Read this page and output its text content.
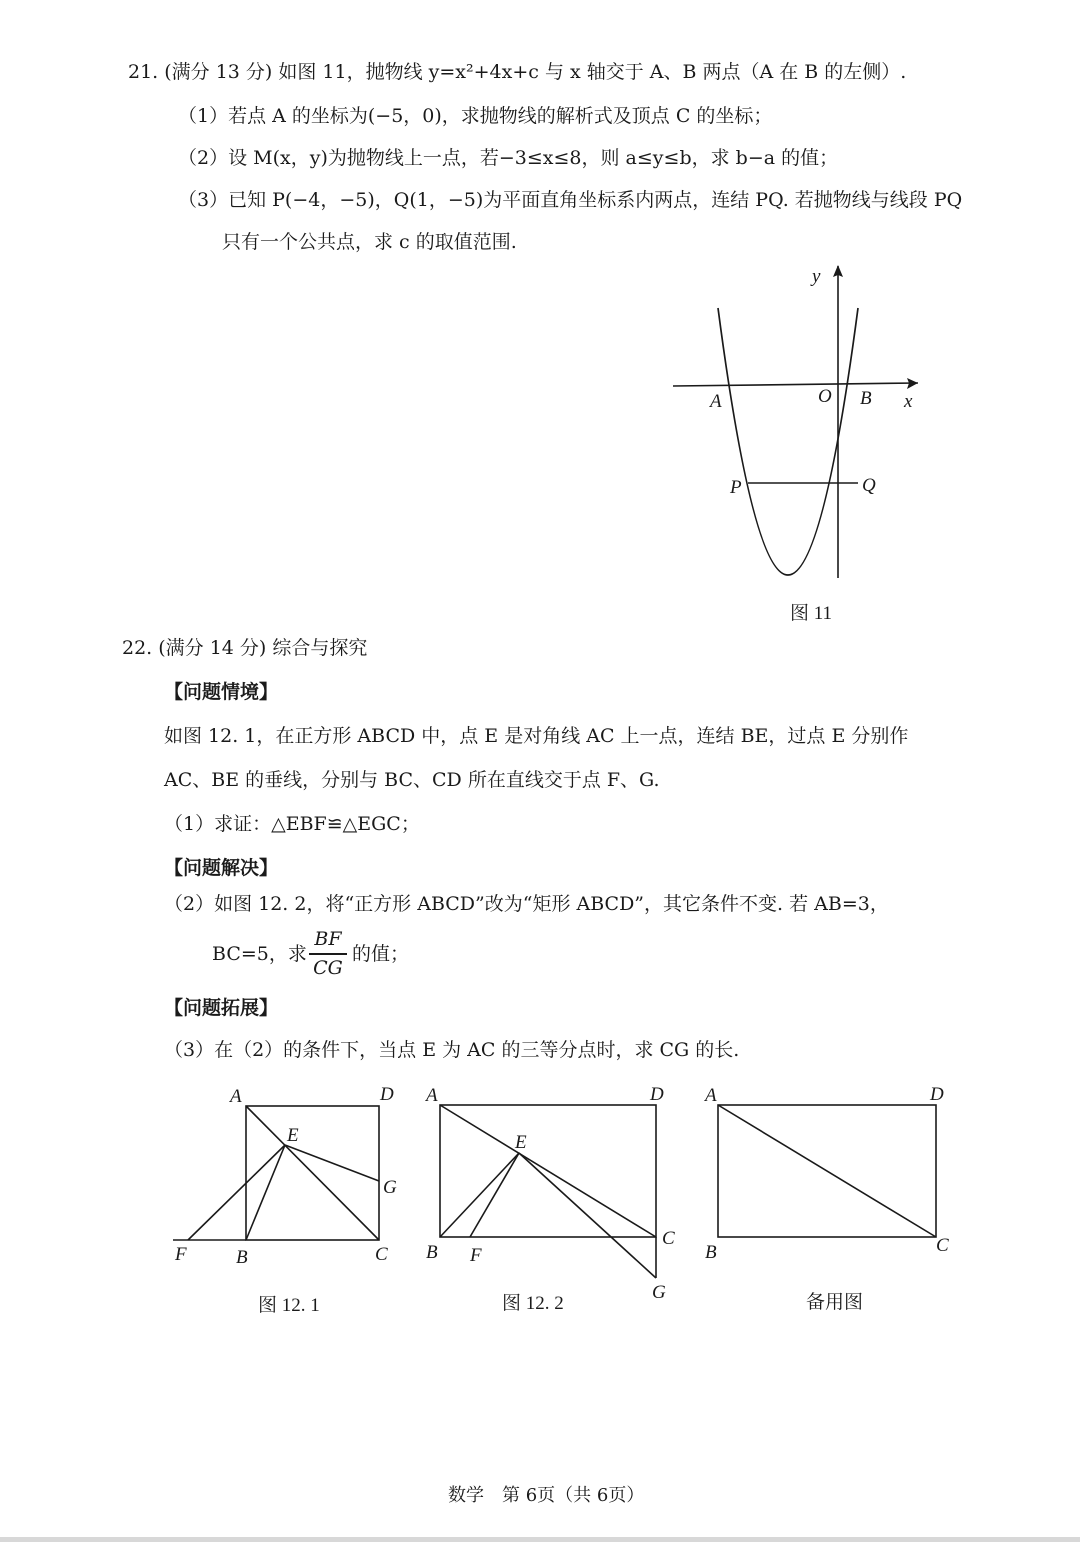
21. (满分 13 分) 如图 11，抛物线 y=x²+4x+c 与 x 轴交于 A、B 两点（A 在 B 的左侧）.
（1）若点 A 的坐标为(−5，0)，求抛物线的解析式及顶点 C 的坐标；
（2）设 M(x，y)为抛物线上一点，若−3≤x≤8，则 a≤y≤b，求 b−a 的值；
（3）已知 P(−4，−5)，Q(1，−5)为平面直角坐标系内两点，连结 PQ. 若抛物线与线段 PQ
只有一个公共点，求 c 的取值范围.
y
x
O
A	B
P	Q
图 11
22. (满分 14 分) 综合与探究
【问题情境】
如图 12. 1，在正方形 ABCD 中，点 E 是对角线 AC 上一点，连结 BE，过点 E 分别作
AC、BE 的垂线，分别与 BC、CD 所在直线交于点 F、G.
（1）求证：△EBF≌△EGC；
【问题解决】
（2）如图 12. 2，将“正方形 ABCD”改为“矩形 ABCD”，其它条件不变. 若 AB=3，
BC=5，求
BF
CG
的值；
【问题拓展】
（3）在（2）的条件下，当点 E 为 AC 的三等分点时，求 CG 的长.
A	D
E
G
F	B	C
图 12. 1
A	D
E
C
B F
G
图 12. 2
A	D
B	C
备用图
数学　第 6页（共 6页）
